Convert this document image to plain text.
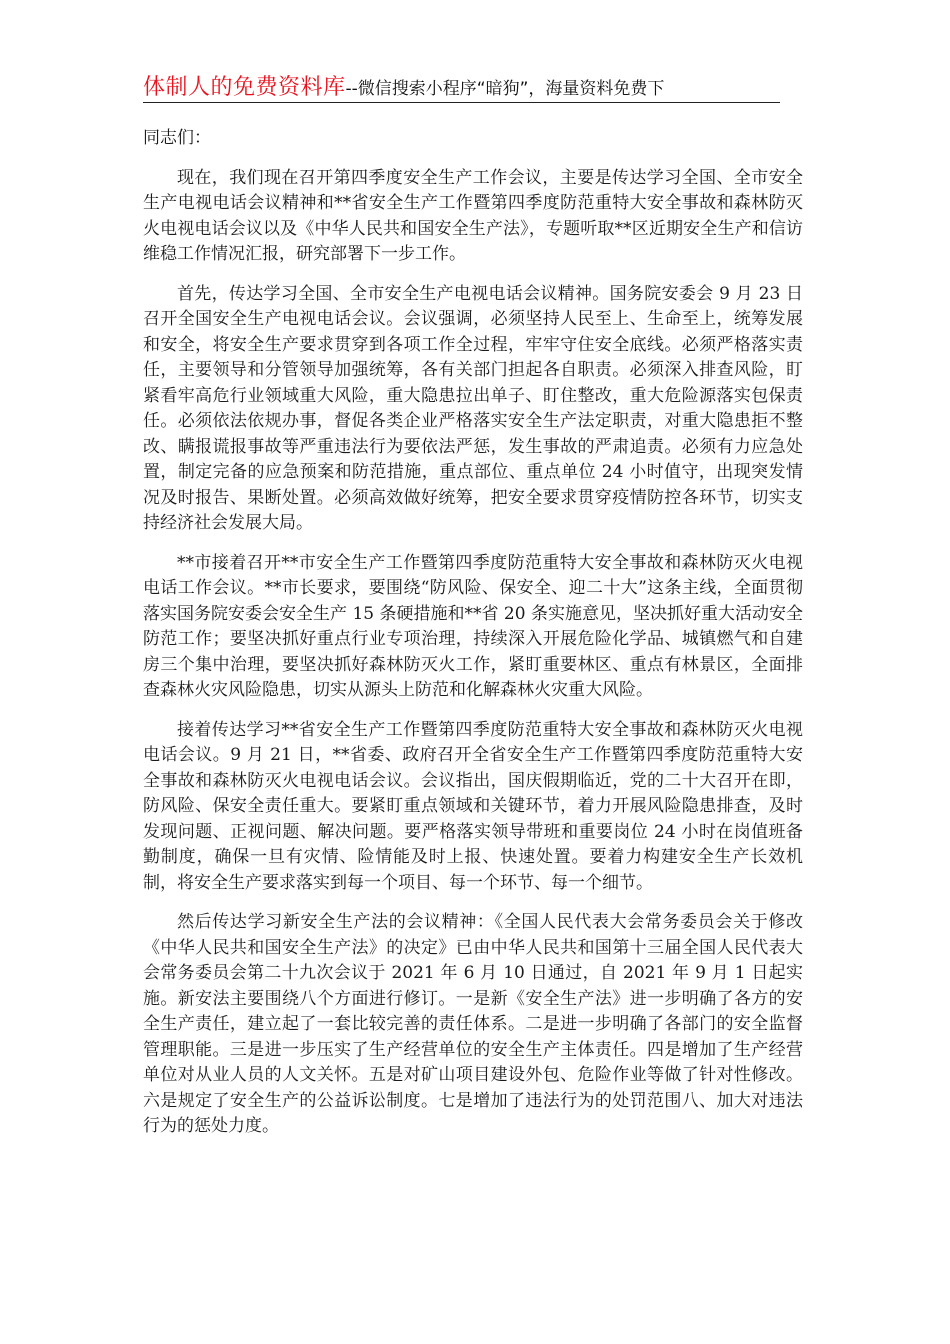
体制人的免费资料库--微信搜索小程序“暗狗”，海量资料免费下

同志们：

现在，我们现在召开第四季度安全生产工作会议，主要是传达学习全国、全市安全生产电视电话会议精神和**省安全生产工作暨第四季度防范重特大安全事故和森林防灭火电视电话会议以及《中华人民共和国安全生产法》，专题听取**区近期安全生产和信访维稳工作情况汇报，研究部署下一步工作。

首先，传达学习全国、全市安全生产电视电话会议精神。国务院安委会 9 月 23 日召开全国安全生产电视电话会议。会议强调，必须坚持人民至上、生命至上，统筹发展和安全，将安全生产要求贯穿到各项工作全过程，牢牢守住安全底线。必须严格落实责任，主要领导和分管领导加强统筹，各有关部门担起各自职责。必须深入排查风险，盯紧看牢高危行业领域重大风险，重大隐患拉出单子、盯住整改，重大危险源落实包保责任。必须依法依规办事，督促各类企业严格落实安全生产法定职责，对重大隐患拒不整改、瞒报谎报事故等严重违法行为要依法严惩，发生事故的严肃追责。必须有力应急处置，制定完备的应急预案和防范措施，重点部位、重点单位 24 小时值守，出现突发情况及时报告、果断处置。必须高效做好统筹，把安全要求贯穿疫情防控各环节，切实支持经济社会发展大局。

**市接着召开**市安全生产工作暨第四季度防范重特大安全事故和森林防灭火电视电话工作会议。**市长要求，要围绕“防风险、保安全、迎二十大”这条主线，全面贯彻落实国务院安委会安全生产 15 条硬措施和**省 20 条实施意见，坚决抓好重大活动安全防范工作；要坚决抓好重点行业专项治理，持续深入开展危险化学品、城镇燃气和自建房三个集中治理，要坚决抓好森林防灭火工作，紧盯重要林区、重点有林景区，全面排查森林火灾风险隐患，切实从源头上防范和化解森林火灾重大风险。

接着传达学习**省安全生产工作暨第四季度防范重特大安全事故和森林防灭火电视电话会议。9 月 21 日，**省委、政府召开全省安全生产工作暨第四季度防范重特大安全事故和森林防灭火电视电话会议。会议指出，国庆假期临近，党的二十大召开在即，防风险、保安全责任重大。要紧盯重点领域和关键环节，着力开展风险隐患排查，及时发现问题、正视问题、解决问题。要严格落实领导带班和重要岗位 24 小时在岗值班备勤制度，确保一旦有灾情、险情能及时上报、快速处置。要着力构建安全生产长效机制，将安全生产要求落实到每一个项目、每一个环节、每一个细节。

然后传达学习新安全生产法的会议精神：《全国人民代表大会常务委员会关于修改《中华人民共和国安全生产法》的决定》已由中华人民共和国第十三届全国人民代表大会常务委员会第二十九次会议于 2021 年 6 月 10 日通过，自 2021 年 9 月 1 日起实施。新安法主要围绕八个方面进行修订。一是新《安全生产法》进一步明确了各方的安全生产责任，建立起了一套比较完善的责任体系。二是进一步明确了各部门的安全监督管理职能。三是进一步压实了生产经营单位的安全生产主体责任。四是增加了生产经营单位对从业人员的人文关怀。五是对矿山项目建设外包、危险作业等做了针对性修改。六是规定了安全生产的公益诉讼制度。七是增加了违法行为的处罚范围八、加大对违法行为的惩处力度。
